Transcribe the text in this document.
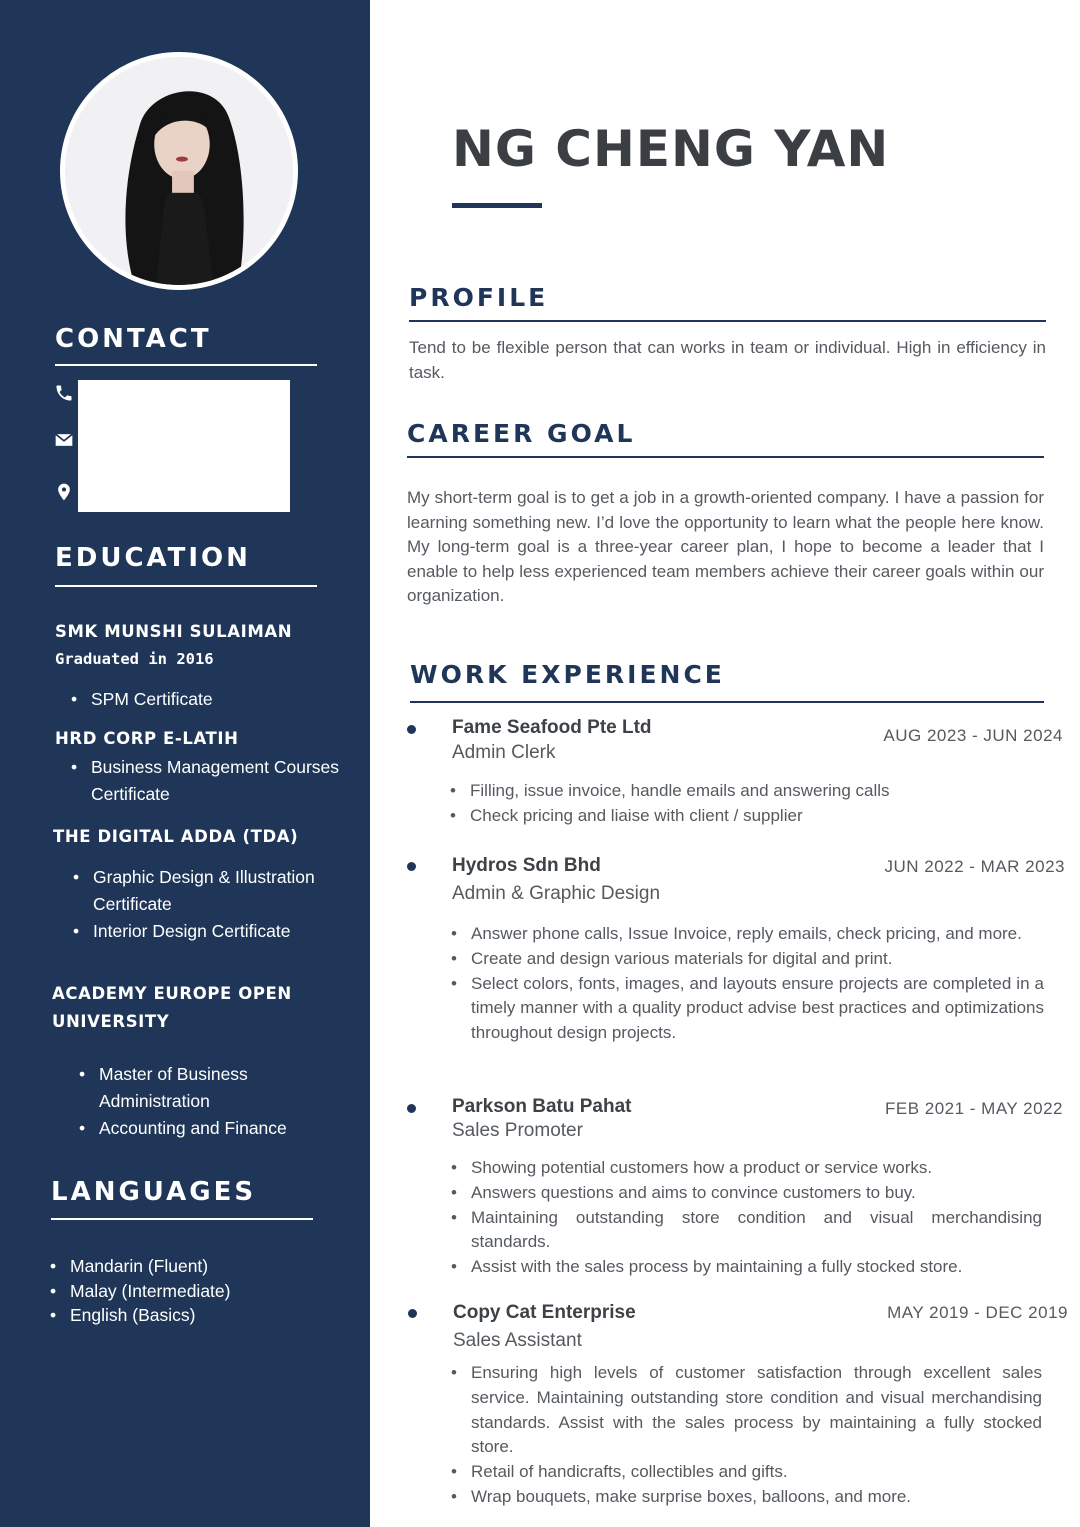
CONTACT
EDUCATION
SMK MUNSHI SULAIMAN
Graduated in 2016
• SPM Certificate
HRD CORP E-LATIH
• Business Management Courses Certificate
THE DIGITAL ADDA (TDA)
• Graphic Design & Illustration Certificate
• Interior Design Certificate
ACADEMY EUROPE OPEN
UNIVERSITY
• Master of Business Administration
• Accounting and Finance
LANGUAGES
• Mandarin (Fluent)
• Malay (Intermediate)
• English (Basics)
NG CHENG YAN
PROFILE

Tend to be flexible person that can works in team or individual. High in efficiency in task.

CAREER GOAL

My short-term goal is to get a job in a growth-oriented company. I have a passion for learning something new. I’d love the opportunity to learn what the people here know. My long-term goal is a three-year career plan, I hope to become a leader that I enable to help less experienced team members achieve their career goals within our organization.

WORK EXPERIENCE
Fame Seafood Pte Ltd	AUG 2023 - JUN 2024
Admin Clerk
• Filling, issue invoice, handle emails and answering calls
• Check pricing and liaise with client / supplier
Hydros Sdn Bhd	JUN 2022 - MAR 2023
Admin & Graphic Design
• Answer phone calls, Issue Invoice, reply emails, check pricing, and more.
• Create and design various materials for digital and print.
• Select colors, fonts, images, and layouts ensure projects are completed in a timely manner with a quality product advise best practices and optimizations throughout design projects.
Parkson Batu Pahat	FEB 2021 - MAY 2022
Sales Promoter
• Showing potential customers how a product or service works.
• Answers questions and aims to convince customers to buy.
• Maintaining outstanding store condition and visual merchandising standards.
• Assist with the sales process by maintaining a fully stocked store.
Copy Cat Enterprise	MAY 2019 - DEC 2019
Sales Assistant
• Ensuring high levels of customer satisfaction through excellent sales service. Maintaining outstanding store condition and visual merchandising standards. Assist with the sales process by maintaining a fully stocked store.
• Retail of handicrafts, collectibles and gifts.
• Wrap bouquets, make surprise boxes, balloons, and more.
